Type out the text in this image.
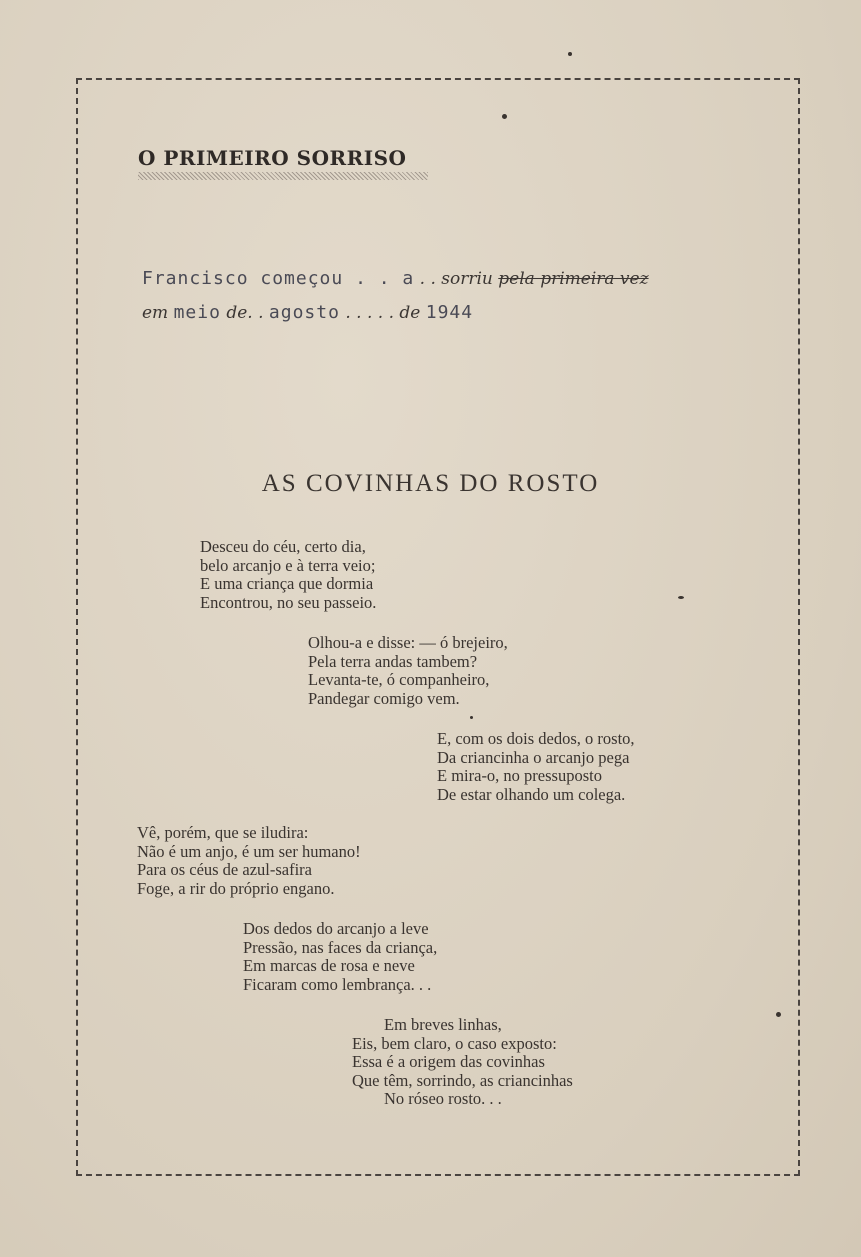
O PRIMEIRO SORRISO
Francisco começou . . a . . sorriu pela primeira vez
em meio de. . agosto . . . . . de 1944
AS COVINHAS DO ROSTO
Desceu do céu, certo dia,
belo arcanjo e à terra veio;
E uma criança que dormia
Encontrou, no seu passeio.
Olhou-a e disse: — ó brejeiro,
Pela terra andas tambem?
Levanta-te, ó companheiro,
Pandegar comigo vem.
E, com os dois dedos, o rosto,
Da criancinha o arcanjo pega
E mira-o, no pressuposto
De estar olhando um colega.
Vê, porém, que se iludira:
Não é um anjo, é um ser humano!
Para os céus de azul-safira
Foge, a rir do próprio engano.
Dos dedos do arcanjo a leve
Pressão, nas faces da criança,
Em marcas de rosa e neve
Ficaram como lembrança. . .
Em breves linhas,
Eis, bem claro, o caso exposto:
Essa é a origem das covinhas
Que têm, sorrindo, as criancinhas
No róseo rosto. . .
